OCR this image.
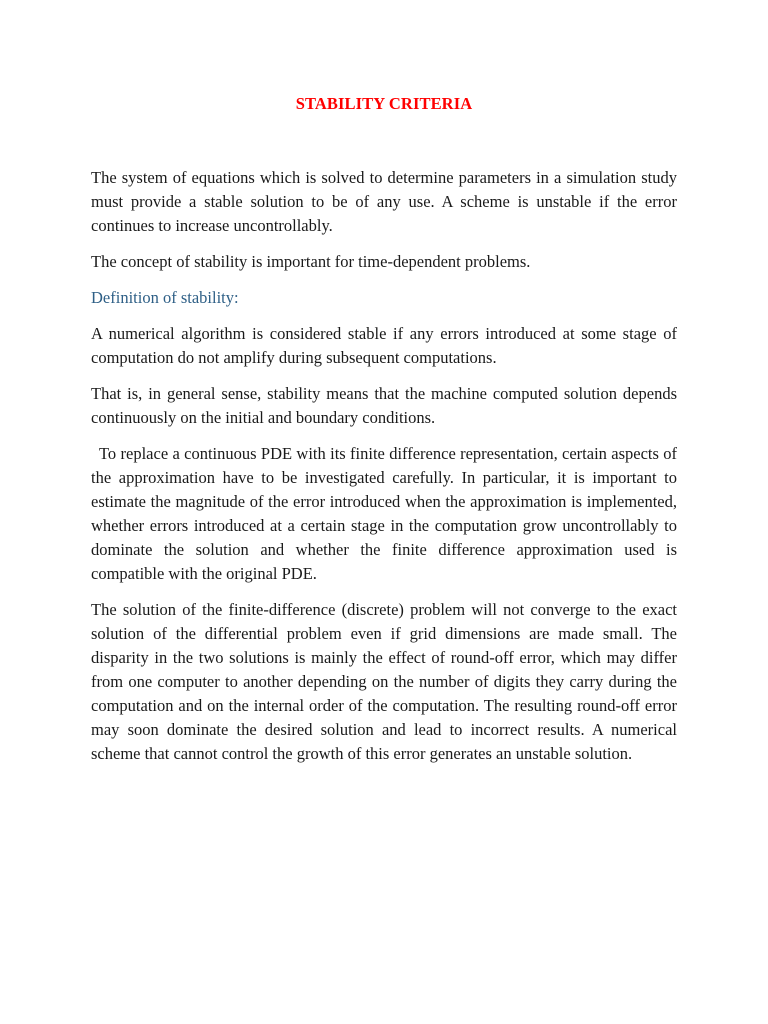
STABILITY CRITERIA

The system of equations which is solved to determine parameters in a simulation study must provide a stable solution to be of any use. A scheme is unstable if the error continues to increase uncontrollably.

The concept of stability is important for time-dependent problems.

Definition of stability:

A numerical algorithm is considered stable if any errors introduced at some stage of computation do not amplify during subsequent computations.

That is, in general sense, stability means that the machine computed solution depends continuously on the initial and boundary conditions.

To replace a continuous PDE with its finite difference representation, certain aspects of the approximation have to be investigated carefully. In particular, it is important to estimate the magnitude of the error introduced when the approximation is implemented, whether errors introduced at a certain stage in the computation grow uncontrollably to dominate the solution and whether the finite difference approximation used is compatible with the original PDE.

The solution of the finite-difference (discrete) problem will not converge to the exact solution of the differential problem even if grid dimensions are made small. The disparity in the two solutions is mainly the effect of round-off error, which may differ from one computer to another depending on the number of digits they carry during the computation and on the internal order of the computation. The resulting round-off error may soon dominate the desired solution and lead to incorrect results. A numerical scheme that cannot control the growth of this error generates an unstable solution.
